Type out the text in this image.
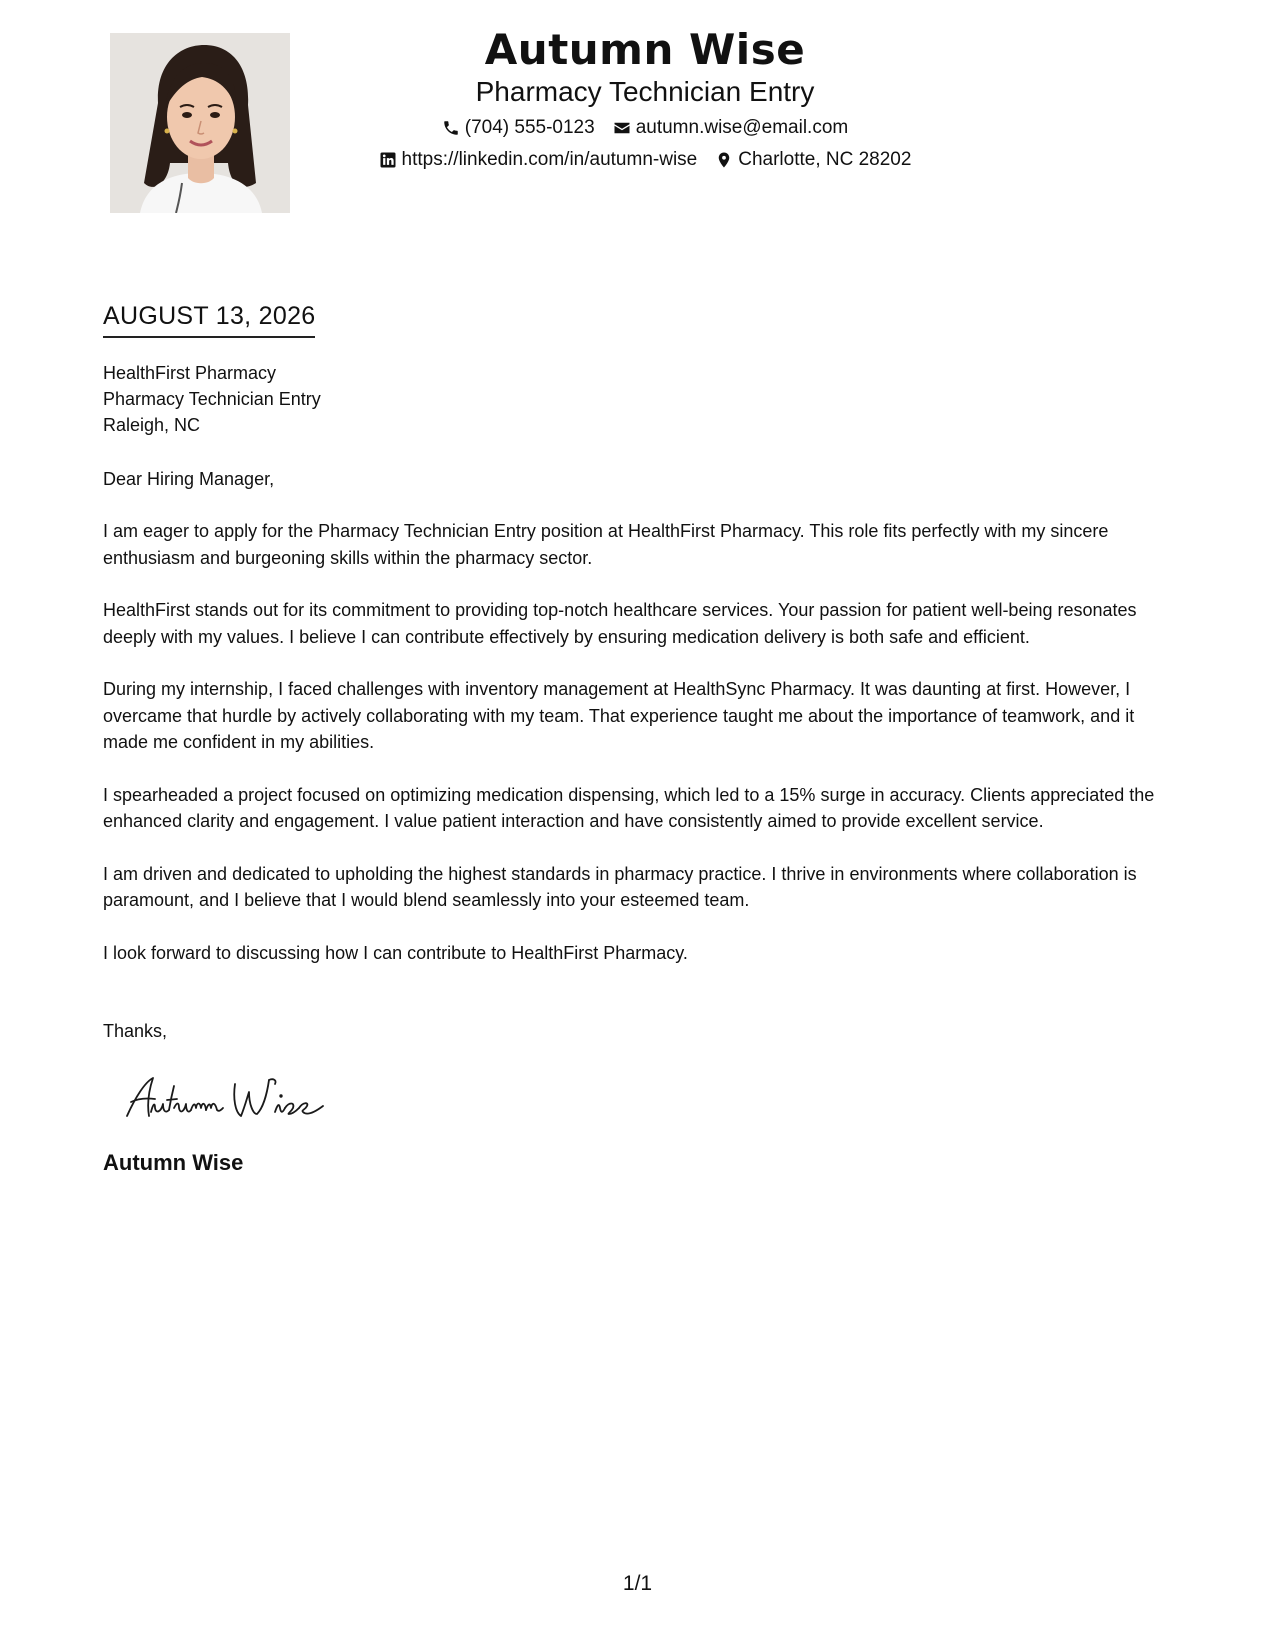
Autumn Wise
Pharmacy Technician Entry
(704) 555-0123 autumn.wise@email.com
https://linkedin.com/in/autumn-wise Charlotte, NC 28202
AUGUST 13, 2026
HealthFirst Pharmacy
Pharmacy Technician Entry
Raleigh, NC
Dear Hiring Manager,
I am eager to apply for the Pharmacy Technician Entry position at HealthFirst Pharmacy. This role fits perfectly with my sincere enthusiasm and burgeoning skills within the pharmacy sector.
HealthFirst stands out for its commitment to providing top-notch healthcare services. Your passion for patient well-being resonates deeply with my values. I believe I can contribute effectively by ensuring medication delivery is both safe and efficient.
During my internship, I faced challenges with inventory management at HealthSync Pharmacy. It was daunting at first. However, I overcame that hurdle by actively collaborating with my team. That experience taught me about the importance of teamwork, and it made me confident in my abilities.
I spearheaded a project focused on optimizing medication dispensing, which led to a 15% surge in accuracy. Clients appreciated the enhanced clarity and engagement. I value patient interaction and have consistently aimed to provide excellent service.
I am driven and dedicated to upholding the highest standards in pharmacy practice. I thrive in environments where collaboration is paramount, and I believe that I would blend seamlessly into your esteemed team.
I look forward to discussing how I can contribute to HealthFirst Pharmacy.
Thanks,
Autumn Wise
1/1
